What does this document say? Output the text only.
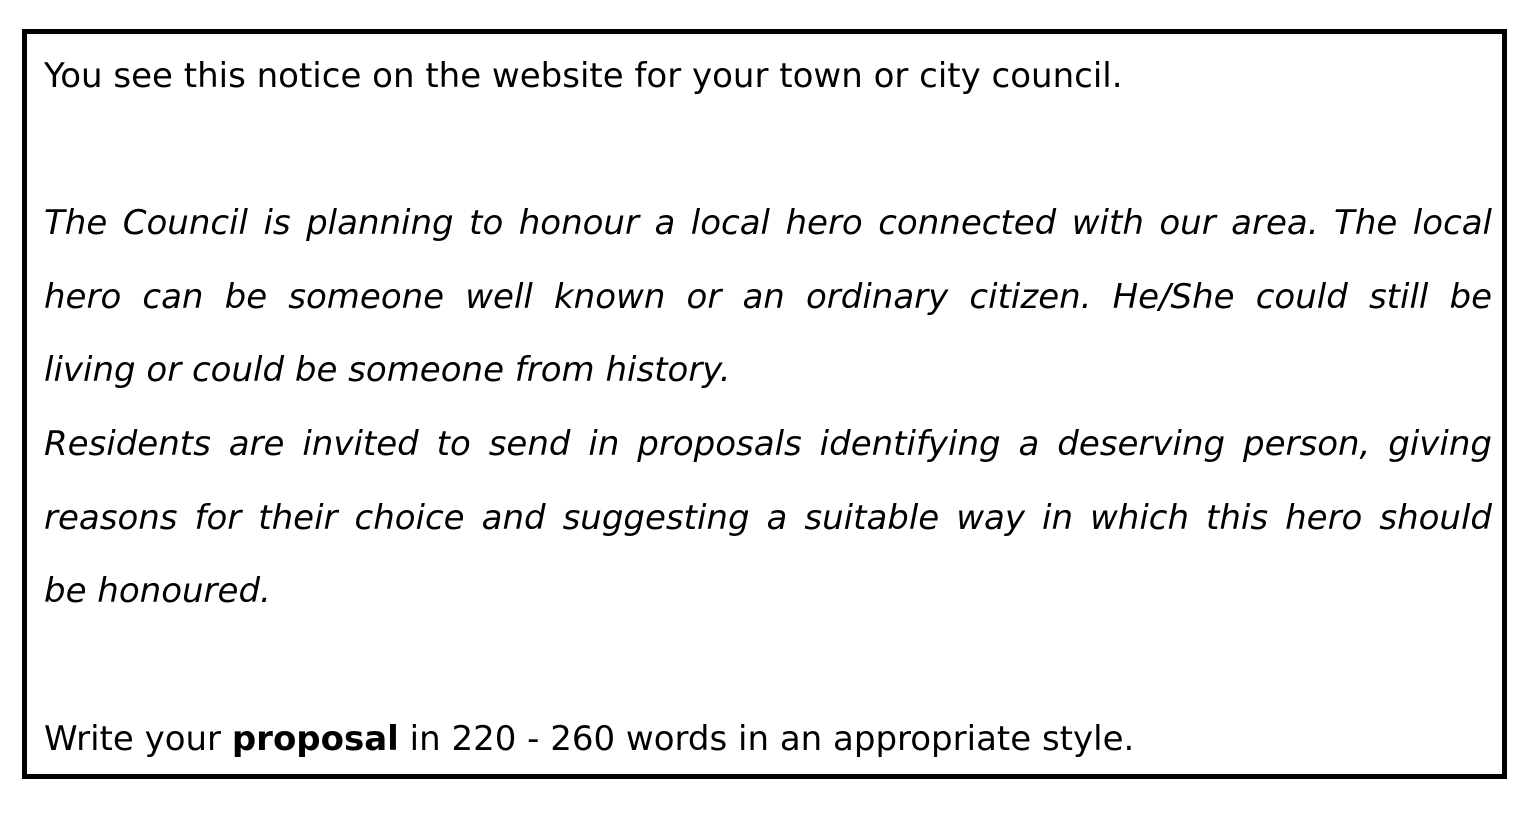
You see this notice on the website for your town or city council.

The Council is planning to honour a local hero connected with our area. The local

hero can be someone well known or an ordinary citizen. He/She could still be

living or could be someone from history.

Residents are invited to send in proposals identifying a deserving person, giving

reasons for their choice and suggesting a suitable way in which this hero should

be honoured.

Write your proposal in 220 - 260 words in an appropriate style.
